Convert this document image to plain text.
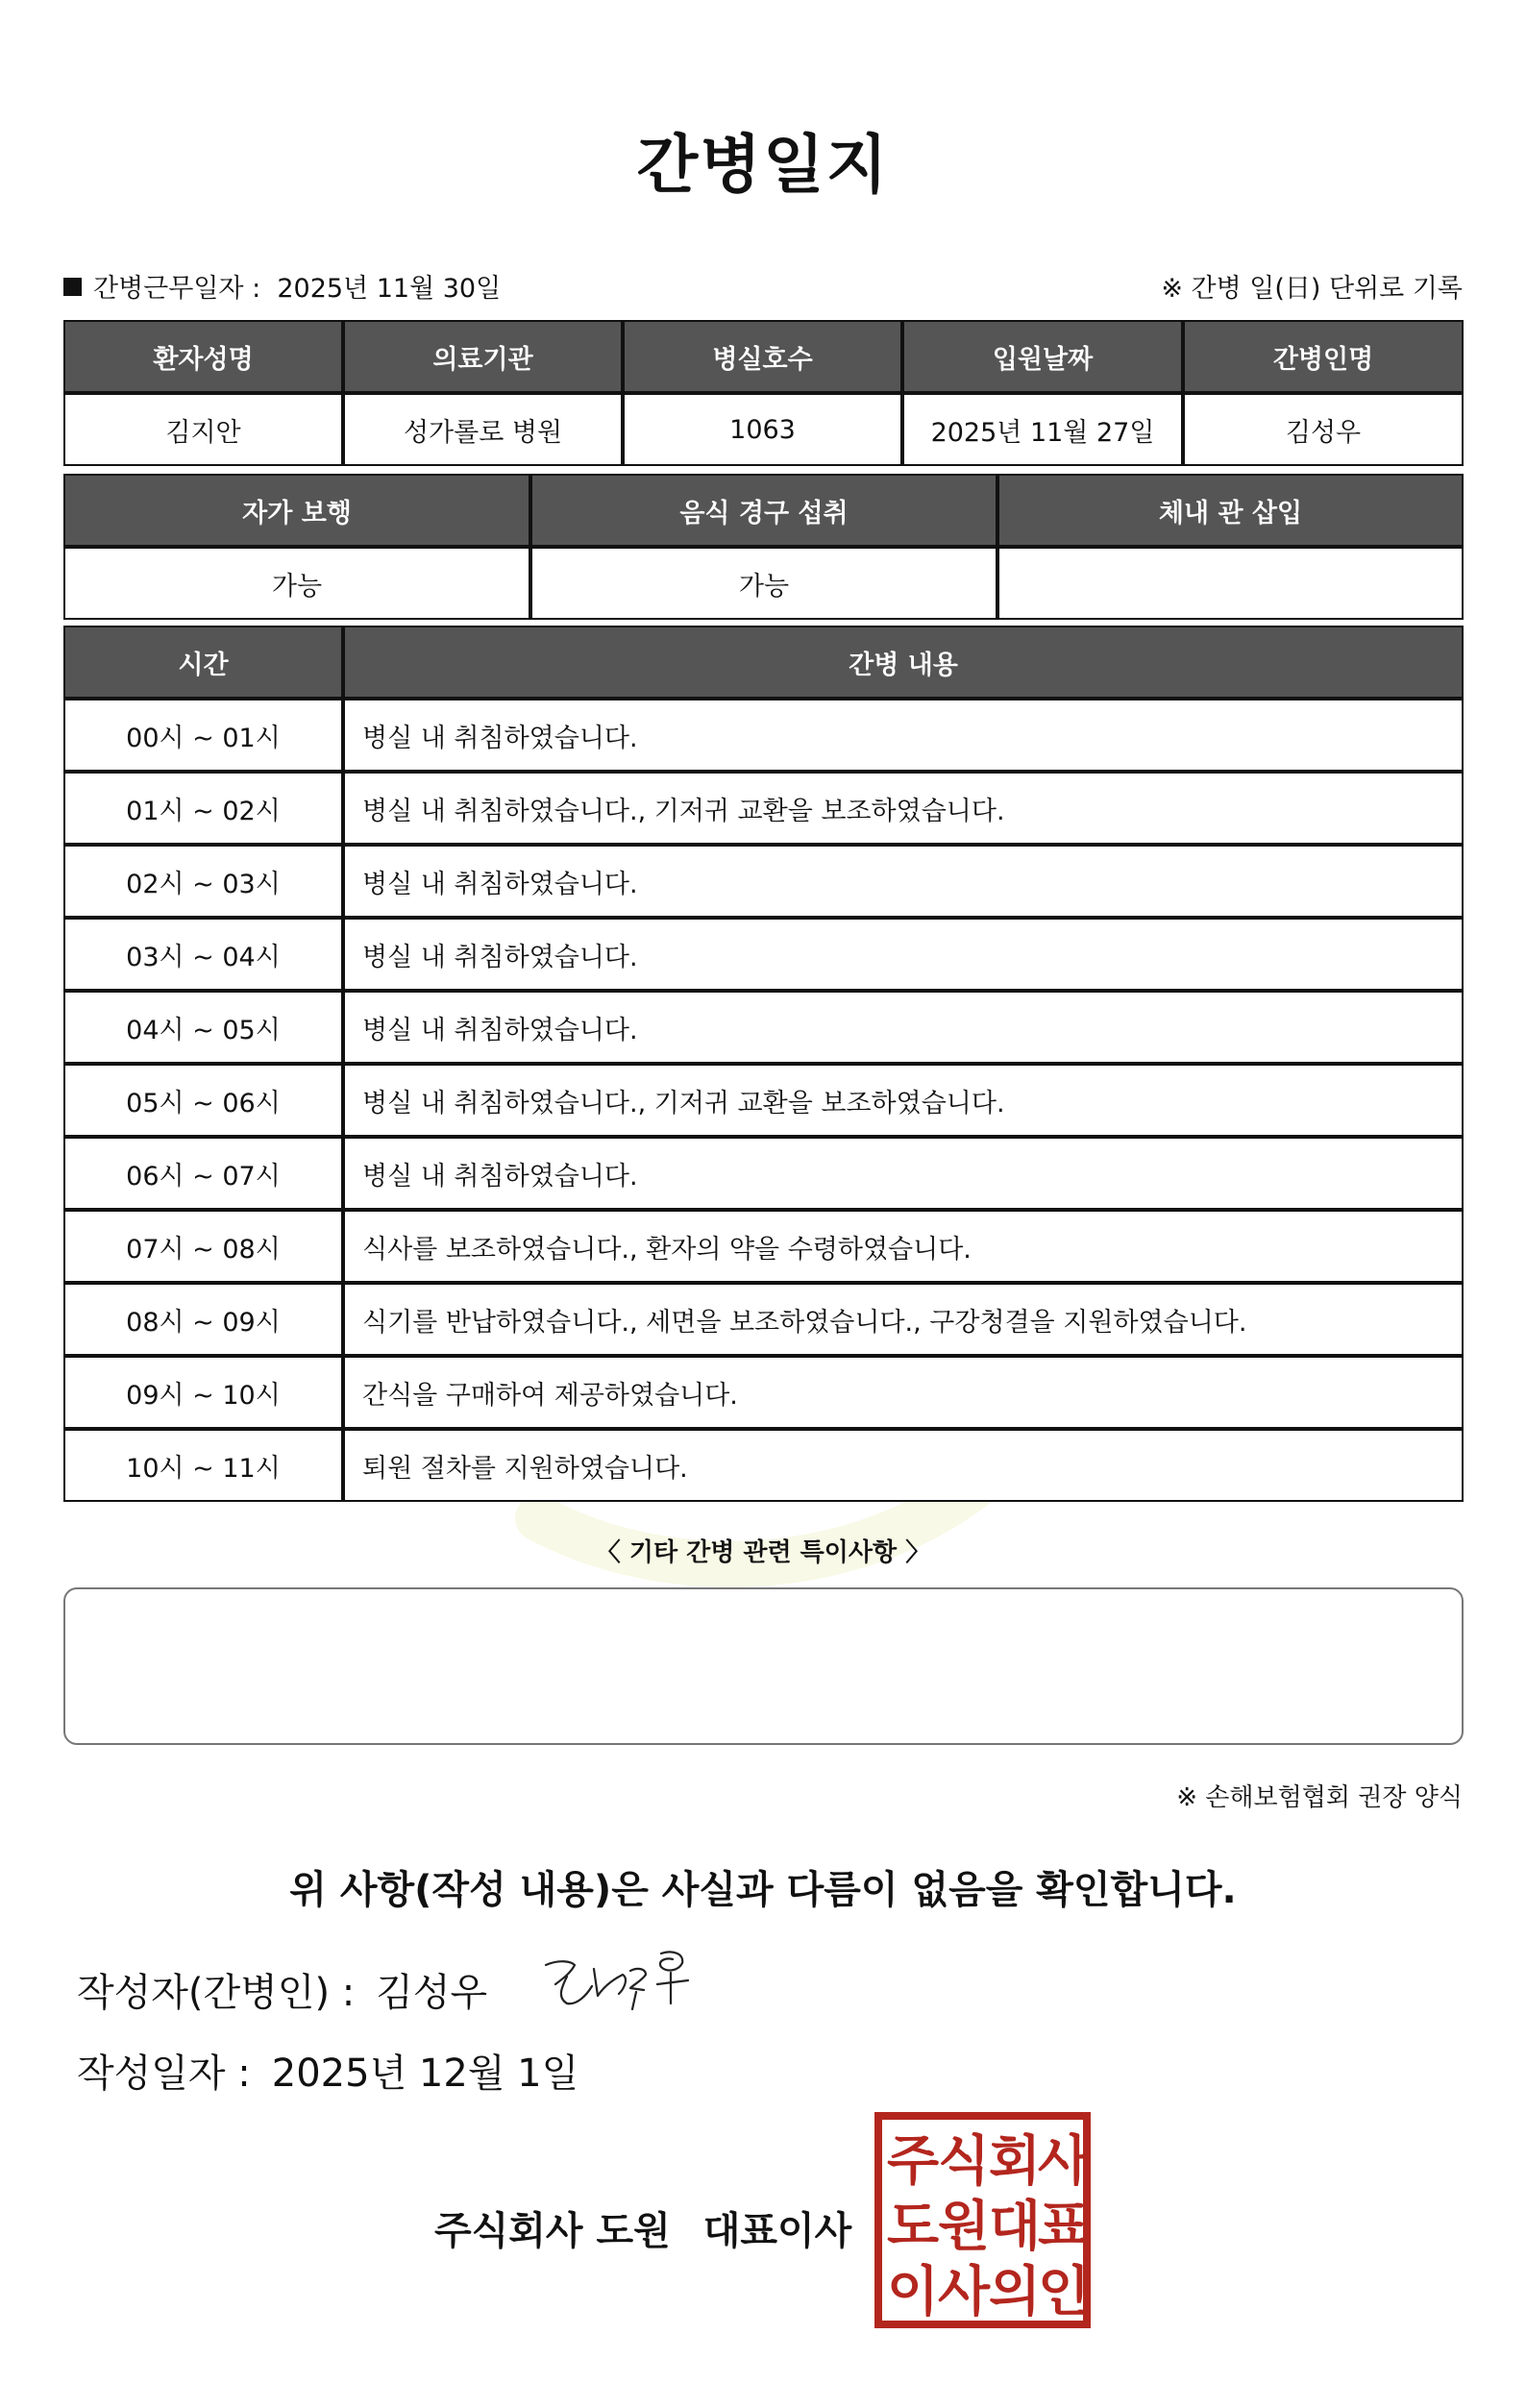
간병일지
간병근무일자 : 2025년 11월 30일	※ 간병 일(日) 단위로 기록
환자성명	의료기관	병실호수	입원날짜	간병인명
김지안	성가롤로 병원	1063	2025년 11월 27일	김성우
자가 보행	음식 경구 섭취	체내 관 삽입
가능	가능
시간	간병 내용
00시 ~ 01시	병실 내 취침하였습니다.
01시 ~ 02시	병실 내 취침하였습니다., 기저귀 교환을 보조하였습니다.
02시 ~ 03시	병실 내 취침하였습니다.
03시 ~ 04시	병실 내 취침하였습니다.
04시 ~ 05시	병실 내 취침하였습니다.
05시 ~ 06시	병실 내 취침하였습니다., 기저귀 교환을 보조하였습니다.
06시 ~ 07시	병실 내 취침하였습니다.
07시 ~ 08시	식사를 보조하였습니다., 환자의 약을 수령하였습니다.
08시 ~ 09시	식기를 반납하였습니다., 세면을 보조하였습니다., 구강청결을 지원하였습니다.
09시 ~ 10시	간식을 구매하여 제공하였습니다.
10시 ~ 11시	퇴원 절차를 지원하였습니다.
〈 기타 간병 관련 특이사항 〉
※ 손해보험협회 권장 양식
위 사항(작성 내용)은 사실과 다름이 없음을 확인합니다.
작성자(간병인) : 김성우
작성일자 : 2025년 12월 1일
주식회사 도원 대표이사
주
식
회
사
도
원
대
표
이
사
의
인
